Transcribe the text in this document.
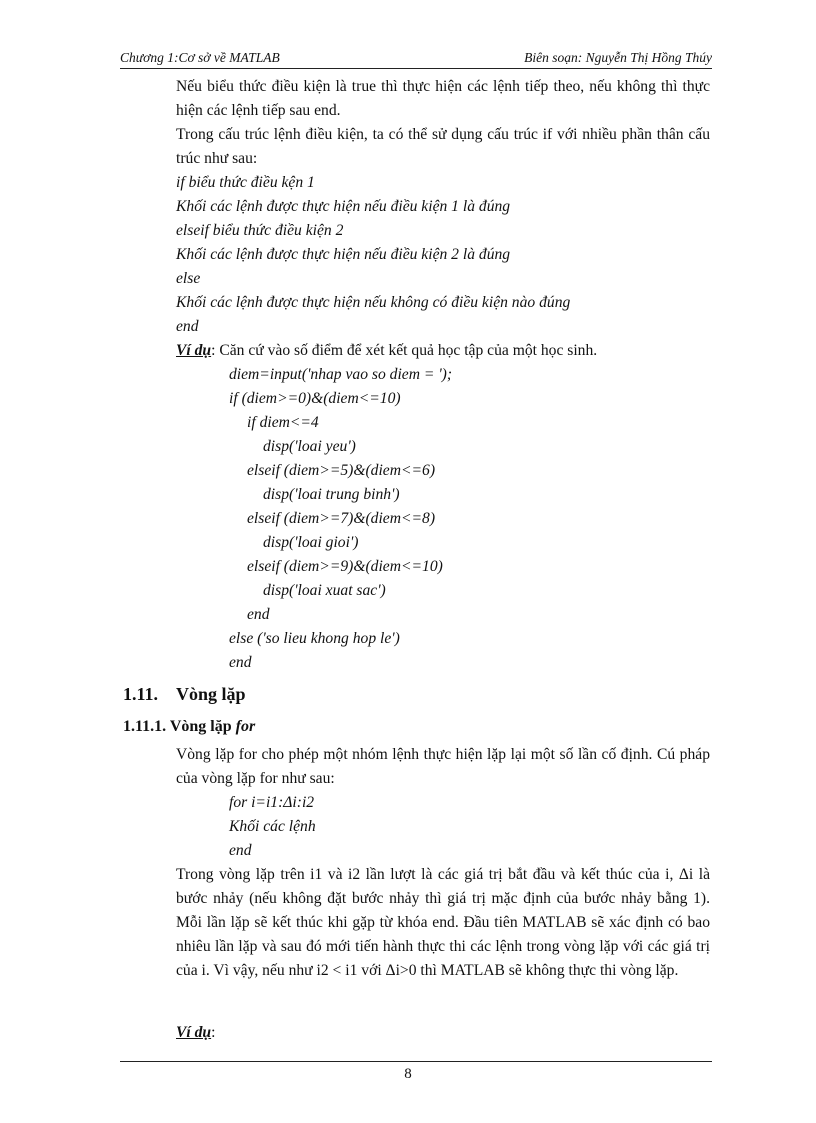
Chương 1:Cơ sở về MATLAB	Biên soạn: Nguyễn Thị Hồng Thúy
Nếu biểu thức điều kiện là true thì thực hiện các lệnh tiếp theo, nếu không thì thực hiện các lệnh tiếp sau end.
Trong cấu trúc lệnh điều kiện, ta có thể sử dụng cấu trúc if với nhiều phần thân cấu trúc như sau:
if biểu thức điều kện 1
Khối các lệnh được thực hiện nếu điều kiện 1 là đúng
elseif biểu thức điều kiện 2
Khối các lệnh được thực hiện nếu điều kiện 2 là đúng
else
Khối các lệnh được thực hiện nếu không có điều kiện nào đúng
end
Ví dụ: Căn cứ vào số điểm để xét kết quả học tập của một học sinh.
diem=input('nhap vao so diem = ');
if (diem>=0)&(diem<=10)
if diem<=4
disp('loai yeu')
elseif (diem>=5)&(diem<=6)
disp('loai trung binh')
elseif (diem>=7)&(diem<=8)
disp('loai gioi')
elseif (diem>=9)&(diem<=10)
disp('loai xuat sac')
end
else ('so lieu khong hop le')
end
1.11. Vòng lặp
1.11.1. Vòng lặp for
Vòng lặp for cho phép một nhóm lệnh thực hiện lặp lại một số lần cố định. Cú pháp của vòng lặp for như sau:
for i=i1:Δi:i2
Khối các lệnh
end
Trong vòng lặp trên i1 và i2 lần lượt là các giá trị bắt đầu và kết thúc của i, Δi là bước nhảy (nếu không đặt bước nhảy thì giá trị mặc định của bước nhảy bằng 1). Mỗi lần lặp sẽ kết thúc khi gặp từ khóa end. Đầu tiên MATLAB sẽ xác định có bao nhiêu lần lặp và sau đó mới tiến hành thực thi các lệnh trong vòng lặp với các giá trị của i. Vì vậy, nếu như i2 < i1 với Δi>0 thì MATLAB sẽ không thực thi vòng lặp.
Ví dụ:
8
